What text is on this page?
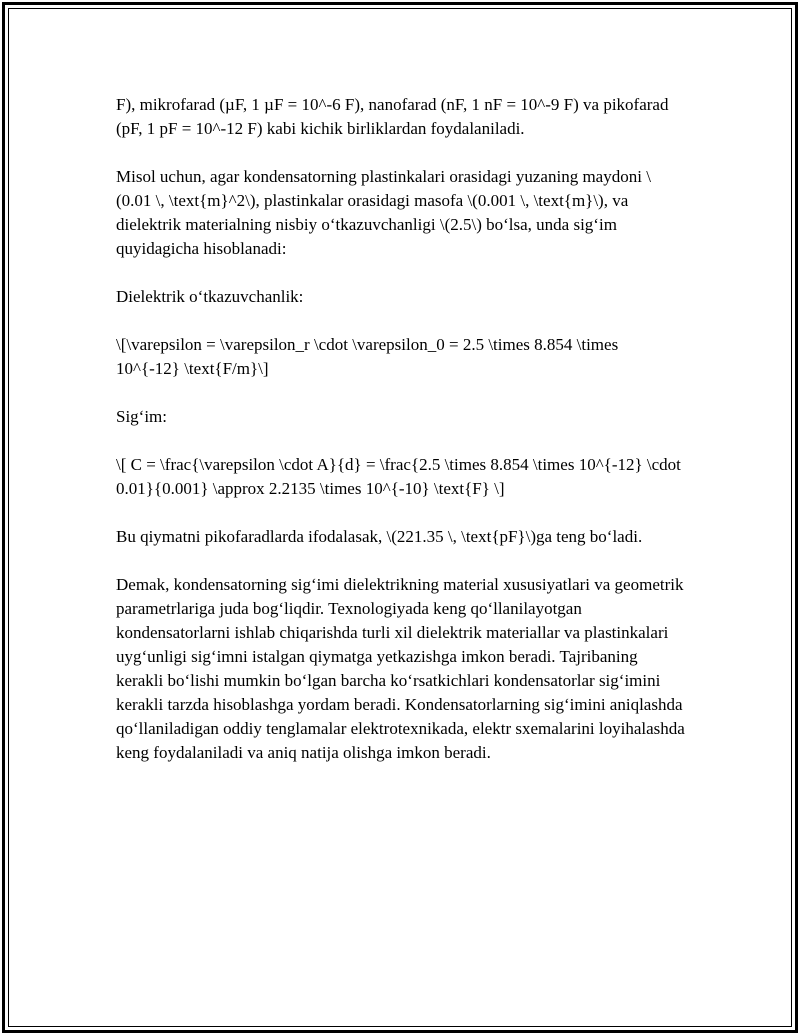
F), mikrofarad (µF, 1 µF = 10^-6 F), nanofarad (nF, 1 nF = 10^-9 F) va pikofarad (pF, 1 pF = 10^-12 F) kabi kichik birliklardan foydalaniladi.

Misol uchun, agar kondensatorning plastinkalari orasidagi yuzaning maydoni \(0.01 \, \text{m}^2\), plastinkalar orasidagi masofa \(0.001 \, \text{m}\), va dielektrik materialning nisbiy o‘tkazuvchanligi \(2.5\) bo‘lsa, unda sig‘im quyidagicha hisoblanadi:

Dielektrik o‘tkazuvchanlik:

\[\varepsilon = \varepsilon_r \cdot \varepsilon_0 = 2.5 \times 8.854 \times 10^{-12} \text{F/m}\]

Sig‘im:

\[ C = \frac{\varepsilon \cdot A}{d} = \frac{2.5 \times 8.854 \times 10^{-12} \cdot 0.01}{0.001} \approx 2.2135 \times 10^{-10} \text{F} \]

Bu qiymatni pikofaradlarda ifodalasak, \(221.35 \, \text{pF}\)ga teng bo‘ladi.

Demak, kondensatorning sig‘imi dielektrikning material xususiyatlari va geometrik parametrlariga juda bog‘liqdir. Texnologiyada keng qo‘llanilayotgan kondensatorlarni ishlab chiqarishda turli xil dielektrik materiallar va plastinkalari uyg‘unligi sig‘imni istalgan qiymatga yetkazishga imkon beradi. Tajribaning kerakli bo‘lishi mumkin bo‘lgan barcha ko‘rsatkichlari kondensatorlar sig‘imini kerakli tarzda hisoblashga yordam beradi. Kondensatorlarning sig‘imini aniqlashda qo‘llaniladigan oddiy tenglamalar elektrotexnikada, elektr sxemalarini loyihalashda keng foydalaniladi va aniq natija olishga imkon beradi.
